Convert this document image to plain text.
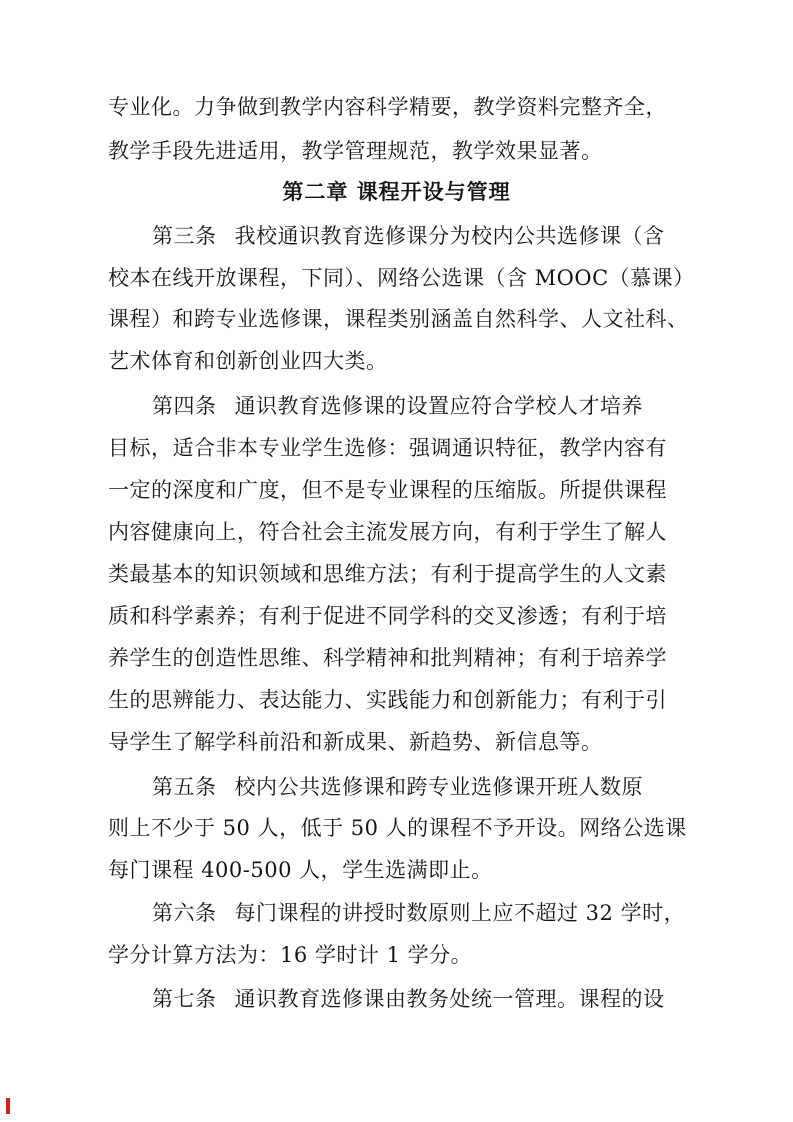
专业化。力争做到教学内容科学精要，教学资料完整齐全，
教学手段先进适用，教学管理规范，教学效果显著。
第二章 课程开设与管理
第三条 我校通识教育选修课分为校内公共选修课（含
校本在线开放课程，下同）、网络公选课（含 MOOC（慕课）
课程）和跨专业选修课，课程类别涵盖自然科学、人文社科、
艺术体育和创新创业四大类。
第四条 通识教育选修课的设置应符合学校人才培养
目标，适合非本专业学生选修：强调通识特征，教学内容有
一定的深度和广度，但不是专业课程的压缩版。所提供课程
内容健康向上，符合社会主流发展方向，有利于学生了解人
类最基本的知识领域和思维方法；有利于提高学生的人文素
质和科学素养；有利于促进不同学科的交叉渗透；有利于培
养学生的创造性思维、科学精神和批判精神；有利于培养学
生的思辨能力、表达能力、实践能力和创新能力；有利于引
导学生了解学科前沿和新成果、新趋势、新信息等。
第五条 校内公共选修课和跨专业选修课开班人数原
则上不少于 50 人，低于 50 人的课程不予开设。网络公选课
每门课程 400-500 人，学生选满即止。
第六条 每门课程的讲授时数原则上应不超过 32 学时，
学分计算方法为：16 学时计 1 学分。
第七条 通识教育选修课由教务处统一管理。课程的设
